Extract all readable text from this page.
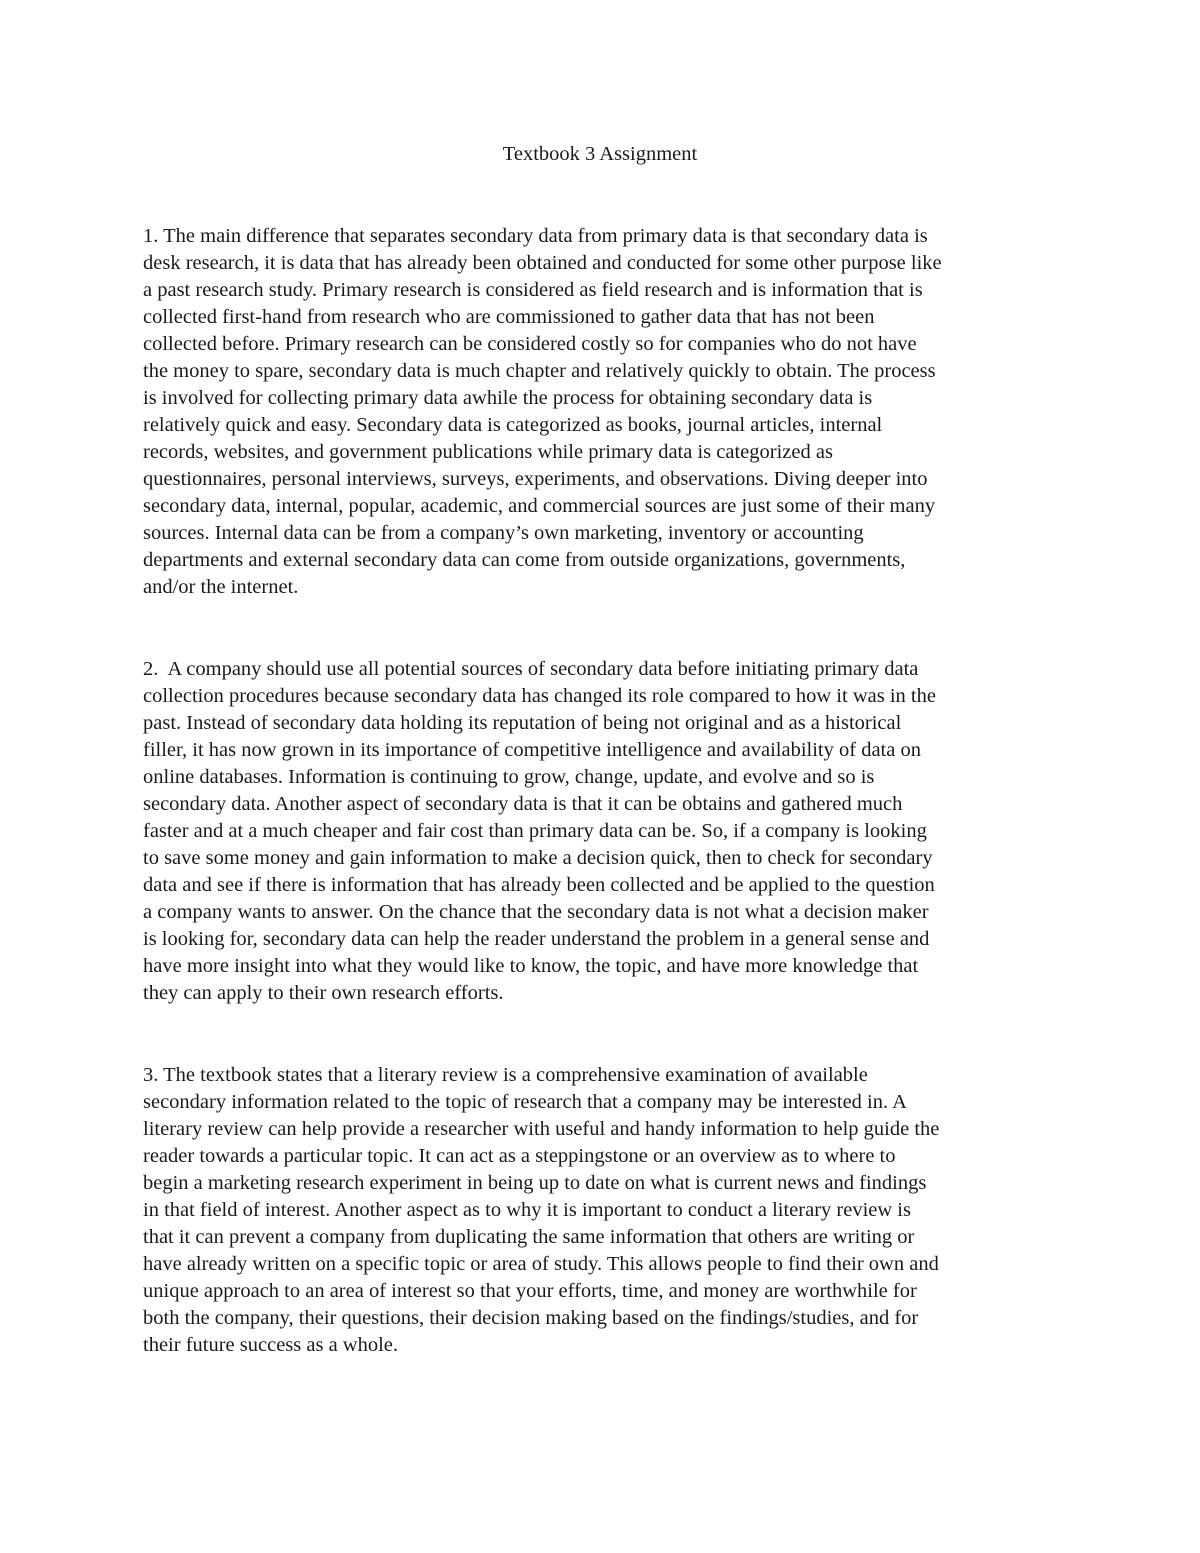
Textbook 3 Assignment

1. The main difference that separates secondary data from primary data is that secondary data is
desk research, it is data that has already been obtained and conducted for some other purpose like
a past research study. Primary research is considered as field research and is information that is
collected first-hand from research who are commissioned to gather data that has not been
collected before. Primary research can be considered costly so for companies who do not have
the money to spare, secondary data is much chapter and relatively quickly to obtain. The process
is involved for collecting primary data awhile the process for obtaining secondary data is
relatively quick and easy. Secondary data is categorized as books, journal articles, internal
records, websites, and government publications while primary data is categorized as
questionnaires, personal interviews, surveys, experiments, and observations. Diving deeper into
secondary data, internal, popular, academic, and commercial sources are just some of their many
sources. Internal data can be from a company’s own marketing, inventory or accounting
departments and external secondary data can come from outside organizations, governments,
and/or the internet.

2.  A company should use all potential sources of secondary data before initiating primary data
collection procedures because secondary data has changed its role compared to how it was in the
past. Instead of secondary data holding its reputation of being not original and as a historical
filler, it has now grown in its importance of competitive intelligence and availability of data on
online databases. Information is continuing to grow, change, update, and evolve and so is
secondary data. Another aspect of secondary data is that it can be obtains and gathered much
faster and at a much cheaper and fair cost than primary data can be. So, if a company is looking
to save some money and gain information to make a decision quick, then to check for secondary
data and see if there is information that has already been collected and be applied to the question
a company wants to answer. On the chance that the secondary data is not what a decision maker
is looking for, secondary data can help the reader understand the problem in a general sense and
have more insight into what they would like to know, the topic, and have more knowledge that
they can apply to their own research efforts.

3. The textbook states that a literary review is a comprehensive examination of available
secondary information related to the topic of research that a company may be interested in. A
literary review can help provide a researcher with useful and handy information to help guide the
reader towards a particular topic. It can act as a steppingstone or an overview as to where to
begin a marketing research experiment in being up to date on what is current news and findings
in that field of interest. Another aspect as to why it is important to conduct a literary review is
that it can prevent a company from duplicating the same information that others are writing or
have already written on a specific topic or area of study. This allows people to find their own and
unique approach to an area of interest so that your efforts, time, and money are worthwhile for
both the company, their questions, their decision making based on the findings/studies, and for
their future success as a whole.
